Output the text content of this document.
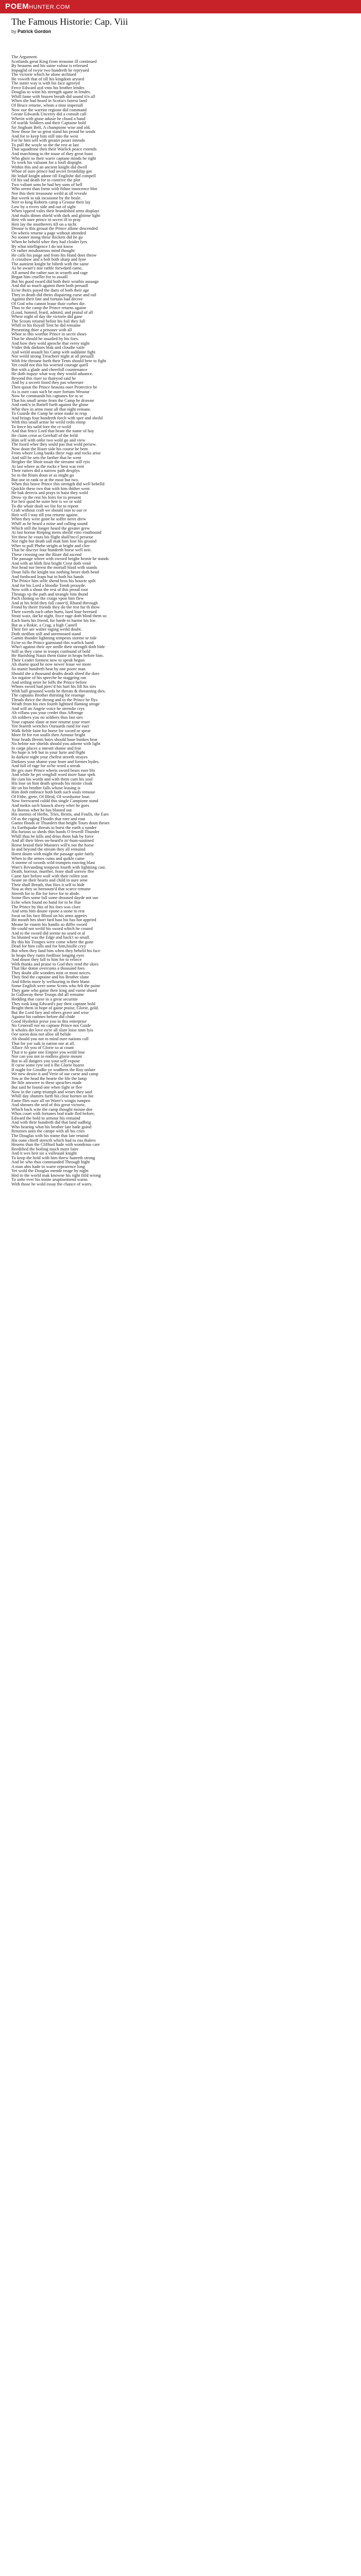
POEMHUNTER.COM
The Famous Historie: Cap. Viii
by Patrick Gordon
The Argument.
Scotlands great King from treasone ill continued
By heauens and his suine valour is releeued
Impaglid of twyie two hundreth he repryued
The victorie which he alone atchiued
He vowith that of till his kingdom aryued
The sutter way is with his face agreeyd
Ferce Edward ayd vnto his brother lendes
Douglas to winn his strength agane in lendes.
Whill fame with brazen breath did sound ti'n all
When she had heard in Scotia's fairest land
Of Bruce returne, whom a time imperiall
Now our the warrior regione did command
Greate Edwards Uncerey did a consult call
Wherin with grase adusie he chusd a band
Of warlik Soldiers and their Captaine bold
Sir Jinghant Beft, A champione wise and old.
Now those for so great stand his proud he sends
And for to keep him still into the west
For he him self with greater pouer intends
To pull the woyle so the the rest at last
That squadrone then their Warlick peace extends
And marchinng to the touse of they great loast
Who gheir so their warre captane minds be right
To work his valiaunt for a foull dispight.
Within this and an ancient knight did dwell
Whoe of oure prince had secret freindship got
He ledaif knight adone till Englishe did compell
Of his sad death for to contrive the plot
Two valiant sons he had hey sons of hell
Who seemt than forne with fithne innocence blot
Nor this their treasoune weild at all reveale
But weerk to tak incasione by the heale.
Nerr to king Roberts camp a Grouse their lay
Low by a rivers side and out of sight
When vpperd vales their brandished arms displayt
And malis dimm shield with dark and gloime light
Heir vth oure prince in secret ill to pray
Heir lay the murtherers till on a nicht
Drouse is this grouat the Prince allone descended
On wheris returne a page without attended
No sooner mong these thickets did he go
When he beheld wher they had cloider lyes
By what intelligence I do not know
Or rather misdoutrous mind thought
He calls his paige and from his Hand does throw
A crossbow and a bolt both sharp and fyne
The auntient knight he bilteth with the same
As he awaer's noe rathle forwdard came,
All armed the rather nan in wraeth and rage
Began him crueller for to assaill
But his good sward did both their wrathis assuage
And did so much against them both preuaill
Es'ne theirs payed the darts of both their age
They in death did theirs dispairing curse and rail
Against their fate and fortuns bad decree
Of God who cannot leaue thair curbes die.
Thus to the camp the Prince returns againe
(Loud, honord, feard, admird, and praisd of all
Where night of day the victorie did gane
The Scouts returnd befoir his foil they fall
Whill in his Royall Tent he did remaine
Presenting thier a prisoner with all
Whoe to this worthie Prince in secrit shoes
That he should be assailed by his foes.
And how they wold aproche that verey night
Vnder thik darknes blak and cloudie vaile
And weild assault his Camp with suddaine fight
Nor weild strong Treachere night at all preuaill
With frie throune furth their Tents should bere to fight
Yet could not this his worried courage quell
But with a glade and cheerfull countenance
He doth inquyr what way they would aduance.
Beyond this riuer so thairyod said he
And by a secrett foord they pas whereuer
Then quoat the Prince heauins oure Protectice be
As is oure caus such be oure fortuns Weuour
Now he commands his captanes for to se
That his small armie from the Camp be drawne
And rank'n in Battell furth against the glone
Whir they in arms must all that night remane.
To Guarde the Camp he seine make to resp
And brings four hundreth forch with sper and sheild
With this small armie he weild redis entop
To force his saild fore the cr-wold
And that fence Lord that beate the name of hay
He claim creat as Gerrhall of the feild
Him self with onlie two wold go and view
The foord wher they sould pas that wold persew.
Now doun the Riuer side his course he bent
From whore Long banks theyr rugs and rocks arise
And still he sets the farther that he went
Heigher the Shoir tosair the streame still ryis
At last where as the rocks e`hest was rent
Their rutters did a narrow path dexplys
So to the Rium doun or as might go
But one in rank or at the most but two.
When this brave Prince this strength did well behelld
Quickle these two that with him thither went
He bak derects and prays in haist they wold
Drow vp the rest his foirs for to preuent
For heir quod he suire heir is we or sold
To die whair dealt we list for to repent
Craft without craft we should rain to our re
Heir will I stay till you returne againe.
When they were gone he soffre nerer drew
Whill as he heard a noise and calling sound
Which still the longer heard the greater grew
At last hornar Rinping mens sheild vnto voutbound
Yet these he vouts his flight shall'mccl perseue
Nor right but death sall mak him lose his ground
Wher to pull Phebe stright at bright and clier
That he discrye four hundreth horse well neir.
These crossing our the Riuer did ascend
The passage where with swrord heighe bronir he stands
And with an blith first bright Crest doth vend
Nor head nor breest the mortall blaid with stands
Doun falls the knight too nothing beore doth bend
And fordward leaps but in both his hands
The Prince him selfe shend bros his bouvte spilt
And for his Lord a bloodie Tomb prouyde.
Now with a shout the rest of this proud rout
Throngs vp the path and strangle him thund
Pach chimng so the craigs vpon him flew
And at his feild they fall caner'd, Rhund thrrough
Frond by theirr friends they do the rest fur th thow
Their swerds each other hurts, hard loue bereued
Strait waiz, dar'ke night, fixce rage doth blind them so
Each hurts his friend, for harde to harme his foe.
But as a Rokie, a Crag, a high Castell
Their fire are walter raging weild doubt.
Doth stedfast still and unremoued stand
Gamin thunder lightning tempests storme or tide
Es'ne so the Prince gainstand this warlick band
Who't against their aye stedle their strength doth bide
Still as they came in troops confound of bold
He Harishing Nauis them tlaine in heaps before him.
Their Leader formest now to speak begun
Ah shame quod he now newer leaue we more
So manie hundreth beat by one poore man
Should she a thousand deaths death shred the dore
An orgaine of his speeche he staggring ran
And setling neire he loffs the Prince before
Whoes sword had pierc'd his hart his lift his sies
With hafl grooned words he threats & threatning dies.
The captains Brother thirsting for reuenge
Thruds thrice the throng and to the Prince he flys
Wrath from his eies fourth lightned flaming stroge
And will an Angrie voice he stermlie crys
Ah villans you your credet thus Affrenge
Ah soldiers you no soldiers thus fast sies
Your captane slane at mee returne your reuer
Yee feareth wretches Ouruards rund for euer
Walk fieble faint for horse for sword or spear
More fit for ron soulls then Armour bright
Your heads Brents bairs should haue bunkes bear
No helme nor shields should you adorne with light
In carge places a intestit shame and fear
No hope is left but in your furie and flight
In darkest night your chefest streeth strayes
Darknes your shame your feare and formes hydes.
And full of rage for so'he word a streak
He gys oure Prince wheris sword bears eure blo
And while he prt vengfull word more haue spek
He cum his words and with them cum his soul
His lose on him death spreads his mistie cloak
He on his brother falls whose leasing is
Him doth embrace both both such souls remoue
Of Fithe, grete, Of Bleid, Of wordsome loue.
Now forewarnd culdd this single Campione stand
And mekis such hauock alwey wher he goes
As Boreas wher he has blasted out
His stormis of Herbs, Tries, Bestis, and Foulls, the Ears
Of as the raging Floodis that rore and rout
Gamst floods or Thunders that height Tours doun throes
As Earthquake threats to burst the earth a sunder
His furious so sheds thin bands O feweill Thunder
Whill thus he kills and drius them bak by force
And all their blees on-heard'n in'-hum-sustined
Horse bruisd their Maisters will'n not the horse
In and beyond the stream they all remaind
Horst doum with might the passage quite fairly
When to the armes cums and quikle came
A storme of swords wild trumpets rouving blast
Warr's Revunding tempests fourth with lightning cast.
Death, horrour, murther, feare shall sorrow flee
Came fare before wall with their rollen seat
Seane on their hearts and child in oure sene
Their shall Breath, that fiies it self to hide
Nou as they so beesoum'd that scarce remane
Streeth for to flie for force for to abide.
Some flies some fall some drouned dayde not sue
Eche when found no hand for to be flue
The Prince by this of his foes was clore
And setts him doune vpone a stone to rest
Swat on his face Blood on his arms appeirs
Bit mouth hes short fard hast his has hot appeird
Meane he vnarm his handis so diffre sword
He could not weild his sword which he couted
And to the sword did seeme no seard ot al
So blunted was the Edge and hack't so small.
By this his Troupes were come where the gone
Dead for him calls and for him,hisille cryy
But when they fand him when they beheld his face
In heaps they runto fordfoor longing eyes
And douse they fall to him for to reliece
With thanks and praise to God they rend the skies
That like doton overcums a thousand foes
They doubt alle wonders mist or most neices.
They find the captaine and his Brother slane
And fiftein more ly wellouring in their blane
Some English were some Scotts who felt the paine
They gane who gaine their king and vurne shoed
In Galloway these Troups did all remaine
Hedding that curse in a great securitie
They took king Edward's pay their captane bold
Broght them in hope of gaine praise, Glorie, gold.
But the Lord fury and others grave and wise
Against his rashnes before did chide
Good Hyshekir prese you in this enterprise
No Generall nor no captane Prince nor Guide
It wholes der love eu're all slure loise nnm lyis
Oor soron dois not alloe all belide
Ah should you not to mind oure nations call
That for yor saik to nation nor at all.
Allace Ah you of Glorie so at count
That it to gane one Empire you weild lose
Nor can you not to endless glorie mount
But to all dangers you your self expose
If curse some ryte sed n fhe Glorie hoarst
If ought for Goodlie ye wudhern the Roy unlute
We new desire it and Verie of our curse and camp
You ar the head the hearte the life the lamp
He litle answere to these speaches made
But said he found one when fight or flee
Now in the camp triumph and wears they said
Whill day shutters furth his clear hornes on hie
Fame flies oure all on Warrr's wingis iumpen
And shroues the seid of this great victorie,
Which back wite the camp thought mosne doe
Whos court with fortunes bod trade fled before,
Edward the bold in armour his remaind
And with thrie hundreth did that land sudbrig
Who hearing what his brother late hade gaind
Returnes unto the campe with all his cries
The Douglas with his trame that late retaind
His oune chieff streicth which had to eus thalers
Heuens than the Clifford hade with wondrous care
Reedified the boiling much more faire
And it wes heir sie a valleuanl knight
To keep the hold with him threw hunreth strong
And he who thus commanded Through hight
A man ahis hade in warre erpearence long
Yet wold the Douglas mende reuge by night
Hed to the world mak knowne his right fitld wrong
To sotte ever his traine aruptisemend warns
With those he wold essay the chance of warrs.
